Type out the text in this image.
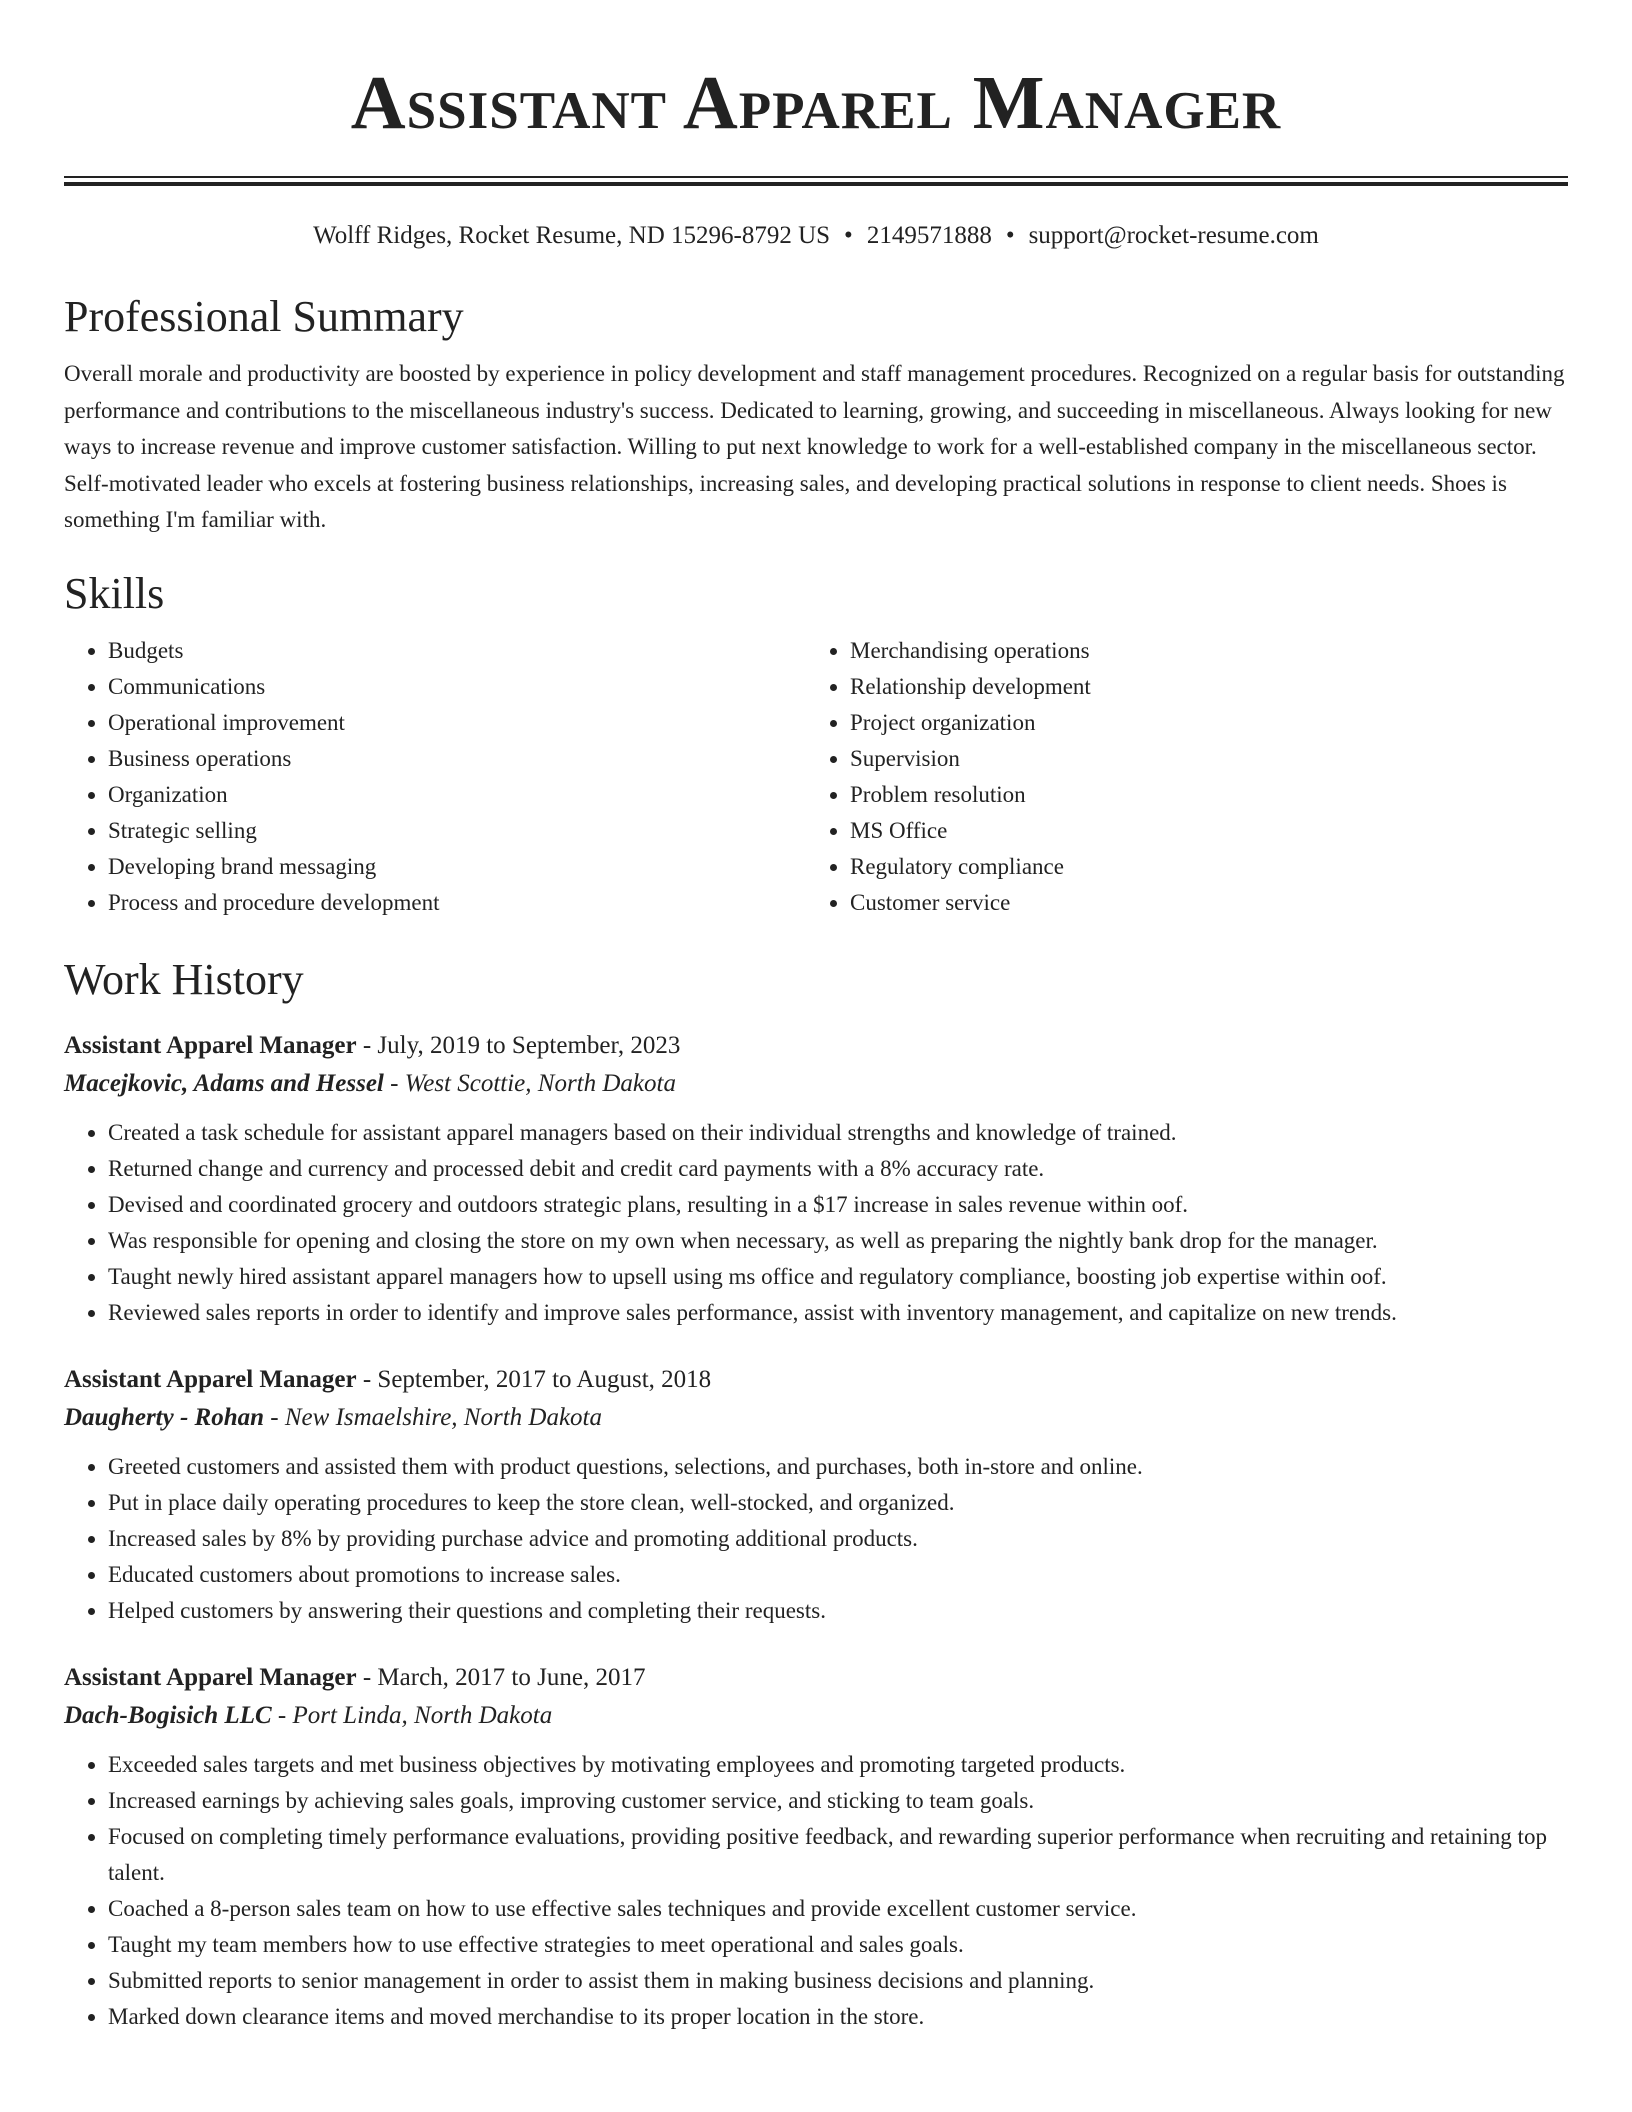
Assistant Apparel Manager
Wolff Ridges, Rocket Resume, ND 15296-8792 US • 2149571888 • support@rocket-resume.com
Professional Summary

Overall morale and productivity are boosted by experience in policy development and staff management procedures. Recognized on a regular basis for outstanding performance and contributions to the miscellaneous industry's success. Dedicated to learning, growing, and succeeding in miscellaneous. Always looking for new ways to increase revenue and improve customer satisfaction. Willing to put next knowledge to work for a well-established company in the miscellaneous sector. Self-motivated leader who excels at fostering business relationships, increasing sales, and developing practical solutions in response to client needs. Shoes is something I'm familiar with.

Skills
• Budgets
• Communications
• Operational improvement
• Business operations
• Organization
• Strategic selling
• Developing brand messaging
• Process and procedure development
• Merchandising operations
• Relationship development
• Project organization
• Supervision
• Problem resolution
• MS Office
• Regulatory compliance
• Customer service
Work History
Assistant Apparel Manager - July, 2019 to September, 2023
Macejkovic, Adams and Hessel - West Scottie, North Dakota
• Created a task schedule for assistant apparel managers based on their individual strengths and knowledge of trained.
• Returned change and currency and processed debit and credit card payments with a 8% accuracy rate.
• Devised and coordinated grocery and outdoors strategic plans, resulting in a $17 increase in sales revenue within oof.
• Was responsible for opening and closing the store on my own when necessary, as well as preparing the nightly bank drop for the manager.
• Taught newly hired assistant apparel managers how to upsell using ms office and regulatory compliance, boosting job expertise within oof.
• Reviewed sales reports in order to identify and improve sales performance, assist with inventory management, and capitalize on new trends.
Assistant Apparel Manager - September, 2017 to August, 2018
Daugherty - Rohan - New Ismaelshire, North Dakota
• Greeted customers and assisted them with product questions, selections, and purchases, both in-store and online.
• Put in place daily operating procedures to keep the store clean, well-stocked, and organized.
• Increased sales by 8% by providing purchase advice and promoting additional products.
• Educated customers about promotions to increase sales.
• Helped customers by answering their questions and completing their requests.
Assistant Apparel Manager - March, 2017 to June, 2017
Dach-Bogisich LLC - Port Linda, North Dakota
• Exceeded sales targets and met business objectives by motivating employees and promoting targeted products.
• Increased earnings by achieving sales goals, improving customer service, and sticking to team goals.
• Focused on completing timely performance evaluations, providing positive feedback, and rewarding superior performance when recruiting and retaining top talent.
• Coached a 8-person sales team on how to use effective sales techniques and provide excellent customer service.
• Taught my team members how to use effective strategies to meet operational and sales goals.
• Submitted reports to senior management in order to assist them in making business decisions and planning.
• Marked down clearance items and moved merchandise to its proper location in the store.
